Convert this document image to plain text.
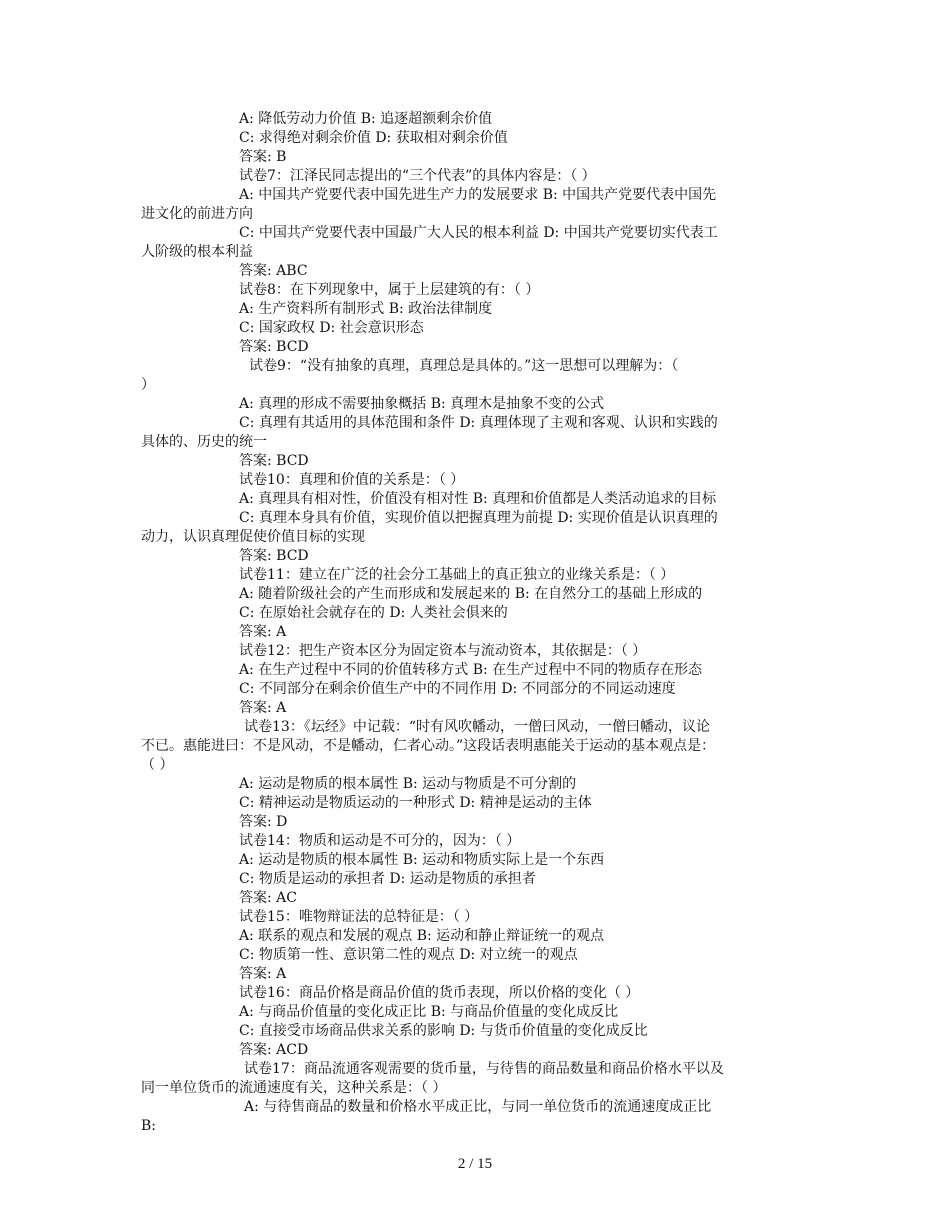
A: 降低劳动力价值 B: 追逐超额剩余价值
C: 求得绝对剩余价值 D: 获取相对剩余价值
答案: B
试卷7：江泽民同志提出的“三个代表”的具体内容是：（ ）
A: 中国共产党要代表中国先进生产力的发展要求 B: 中国共产党要代表中国先
进文化的前进方向
C: 中国共产党要代表中国最广大人民的根本利益 D: 中国共产党要切实代表工
人阶级的根本利益
答案: ABC
试卷8：在下列现象中，属于上层建筑的有：（ ）
A: 生产资料所有制形式 B: 政治法律制度
C: 国家政权 D: 社会意识形态
答案: BCD
试卷9：“没有抽象的真理，真理总是具体的。”这一思想可以理解为：（
）
A: 真理的形成不需要抽象概括 B: 真理木是抽象不变的公式
C: 真理有其适用的具体范围和条件 D: 真理体现了主观和客观、认识和实践的
具体的、历史的统一
答案: BCD
试卷10：真理和价值的关系是：（ ）
A: 真理具有相对性，价值没有相对性 B: 真理和价值都是人类活动追求的目标
C: 真理本身具有价值，实现价值以把握真理为前提 D: 实现价值是认识真理的
动力，认识真理促使价值目标的实现
答案: BCD
试卷11：建立在广泛的社会分工基础上的真正独立的业缘关系是：（ ）
A: 随着阶级社会的产生而形成和发展起来的 B: 在自然分工的基础上形成的
C: 在原始社会就存在的 D: 人类社会俱来的
答案: A
试卷12：把生产资本区分为固定资本与流动资本，其依据是：（ ）
A: 在生产过程中不同的价值转移方式 B: 在生产过程中不同的物质存在形态
C: 不同部分在剩余价值生产中的不同作用 D: 不同部分的不同运动速度
答案: A
试卷13：《坛经》中记载：“时有风吹幡动，一僧曰风动，一僧曰幡动，议论
不已。惠能进曰：不是风动，不是幡动，仁者心动。”这段话表明惠能关于运动的基本观点是：
（ ）
A: 运动是物质的根本属性 B: 运动与物质是不可分割的
C: 精神运动是物质运动的一种形式 D: 精神是运动的主体
答案: D
试卷14：物质和运动是不可分的，因为：（ ）
A: 运动是物质的根本属性 B: 运动和物质实际上是一个东西
C: 物质是运动的承担者 D: 运动是物质的承担者
答案: AC
试卷15：唯物辩证法的总特征是：（ ）
A: 联系的观点和发展的观点 B: 运动和静止辩证统一的观点
C: 物质第一性、意识第二性的观点 D: 对立统一的观点
答案: A
试卷16：商品价格是商品价值的货币表现，所以价格的变化（ ）
A: 与商品价值量的变化成正比 B: 与商品价值量的变化成反比
C: 直接受市场商品供求关系的影响 D: 与货币价值量的变化成反比
答案: ACD
试卷17：商品流通客观需要的货币量，与待售的商品数量和商品价格水平以及
同一单位货币的流通速度有关，这种关系是：（ ）
A: 与待售商品的数量和价格水平成正比，与同一单位货币的流通速度成正比
B:
2 / 15
